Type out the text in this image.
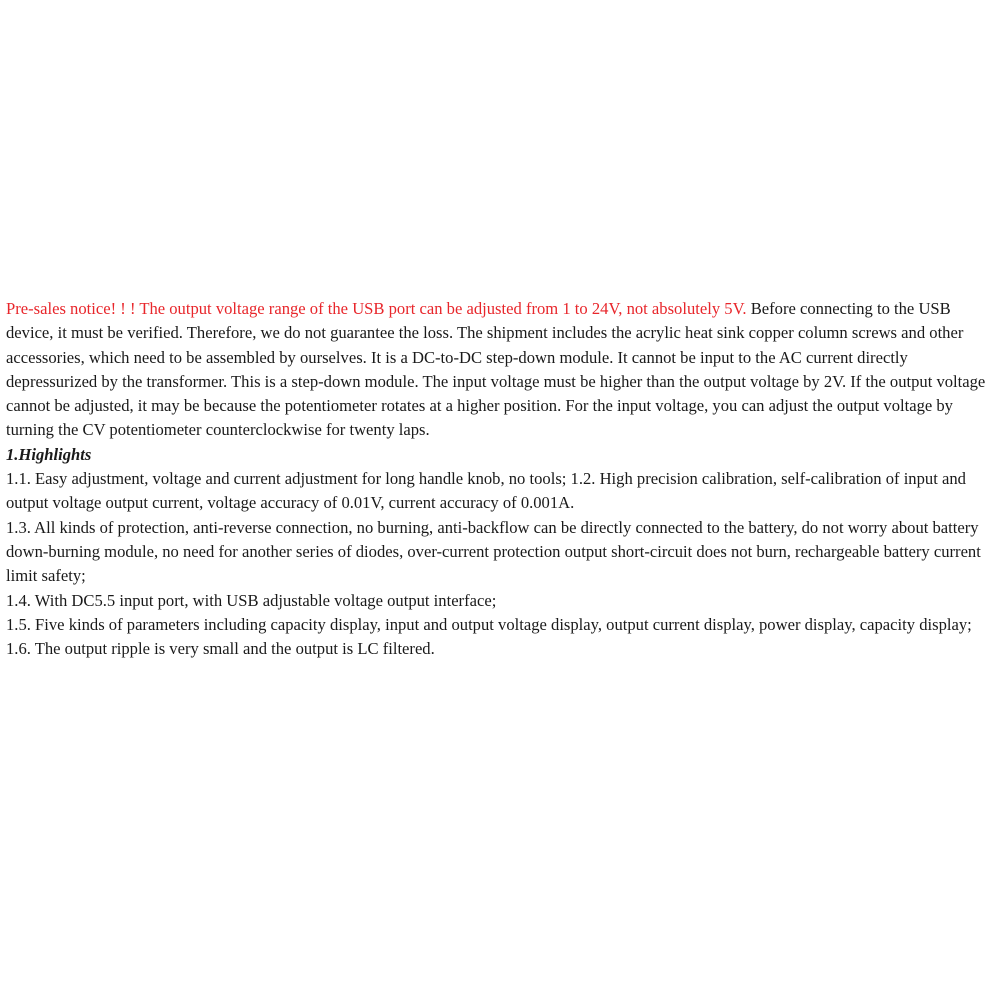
Pre-sales notice! ! ! The output voltage range of the USB port can be adjusted from 1 to 24V, not absolutely 5V. Before connecting to the USB device, it must be verified. Therefore, we do not guarantee the loss. The shipment includes the acrylic heat sink copper column screws and other accessories, which need to be assembled by ourselves. It is a DC-to-DC step-down module. It cannot be input to the AC current directly depressurized by the transformer. This is a step-down module. The input voltage must be higher than the output voltage by 2V. If the output voltage cannot be adjusted, it may be because the potentiometer rotates at a higher position. For the input voltage, you can adjust the output voltage by turning the CV potentiometer counterclockwise for twenty laps.

1.Highlights

1.1. Easy adjustment, voltage and current adjustment for long handle knob, no tools; 1.2. High precision calibration, self-calibration of input and output voltage output current, voltage accuracy of 0.01V, current accuracy of 0.001A.

1.3. All kinds of protection, anti-reverse connection, no burning, anti-backflow can be directly connected to the battery, do not worry about battery down-burning module, no need for another series of diodes, over-current protection output short-circuit does not burn, rechargeable battery current limit safety;

1.4. With DC5.5 input port, with USB adjustable voltage output interface;

1.5. Five kinds of parameters including capacity display, input and output voltage display, output current display, power display, capacity display;

1.6. The output ripple is very small and the output is LC filtered.
